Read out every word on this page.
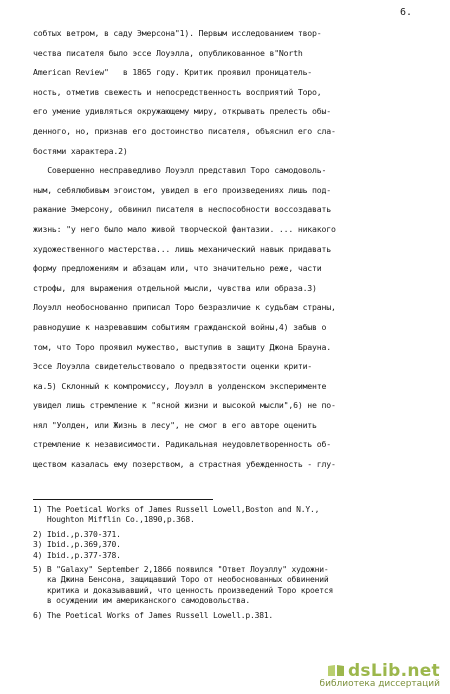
6.
собтых ветром, в саду Эмерсона"1). Первым исследованием твор-
чества писателя было эссе Лоуэлла, опубликованное в"North
American Review"   в 1865 году. Критик проявил проницатель-
ность, отметив свежесть и непосредственность восприятий Торо,
его умение удивляться окружающему миру, открывать прелесть обы-
денного, но, признав его достоинство писателя, объяснил его сла-
бостями характера.2)
Совершенно несправедливо Лоуэлл представил Торо самодоволь-
ным, себялюбивым эгоистом, увидел в его произведениях лишь под-
ражание Эмерсону, обвинил писателя в неспособности воссоздавать
жизнь: "у него было мало живой творческой фантазии. ... никакого
художественного мастерства... лишь механический навык придавать
форму предложениям и абзацам или, что значительно реже, части
строфы, для выражения отдельной мысли, чувства или образа.3)
Лоуэлл необоснованно приписал Торо безразличие к судьбам страны,
равнодушие к назревавшим событиям гражданской войны,4) забыв о
том, что Торо проявил мужество, выступив в защиту Джона Брауна.
Эссе Лоуэлла свидетельствовало о предвзятости оценки крити-
ка.5) Склонный к компромиссу, Лоуэлл в уолденском эксперименте
увидел лишь стремление к "ясной жизни и высокой мысли",6) не по-
нял "Уолден, или Жизнь в лесу", не смог в его авторе оценить
стремление к независимости. Радикальная неудовлетворенность об-
ществом казалась ему позерством, а страстная убежденность - глу-
1) The Poetical Works of James Russell Lowell,Boston and N.Y.,
Houghton Mifflin Co.,1890,p.368.
2) Ibid.,p.370-371.
3) Ibid.,p.369,370.
4) Ibid.,p.377-378.
5) В "Galaxy" September 2,1866 появился "Ответ Лоуэллу" художни-
ка Джина Бенсона, защищавший Торо от необоснованных обвинений
критика и доказывавший, что ценность произведений Торо кроется
в осуждении им американского самодовольства.
6) The Poetical Works of James Russell Lowell.p.381.
dsLib.net
библиотека диссертаций
